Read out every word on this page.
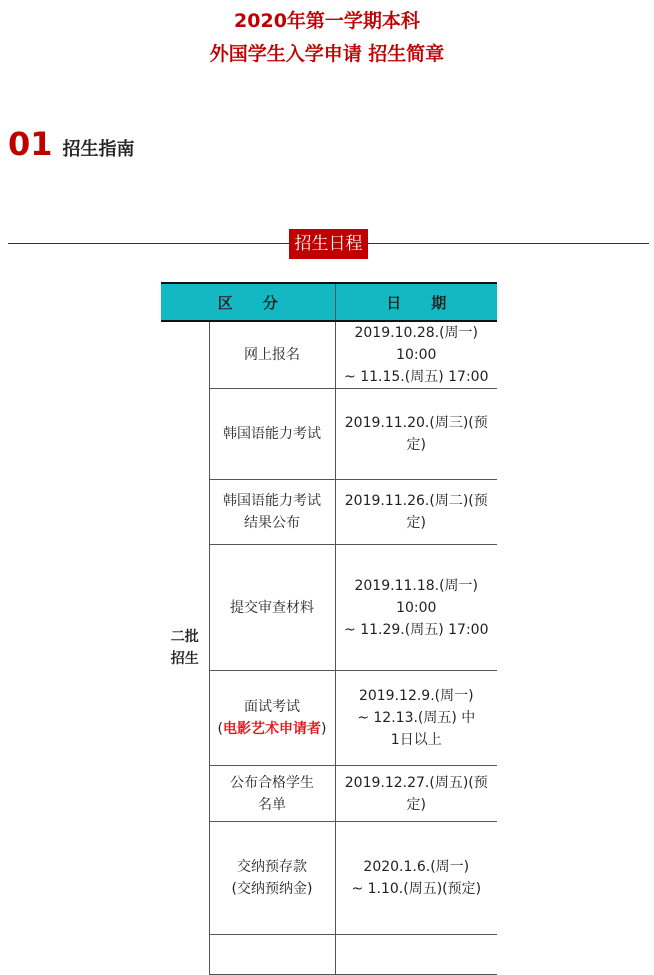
2020年第一学期本科
外国学生入学申请 招生简章
01 招生指南
招生日程
区　　分		日　　期

二批
招生	网上报名	2019.10.28.(周一)
10:00
~ 11.15.(周五) 17:00

	韩国语能力考试	2019.11.20.(周三)(预定)

	韩国语能力考试
结果公布	2019.11.26.(周二)(预定)

	提交审查材料	2019.11.18.(周一)
10:00
~ 11.29.(周五) 17:00

	面试考试
(电影艺术申请者)	2019.12.9.(周一)
~ 12.13.(周五) 中
1日以上

	公布合格学生
名单	2019.12.27.(周五)(预定)

	交纳预存款
(交纳预纳金)	2020.1.6.(周一)
~ 1.10.(周五)(预定)
